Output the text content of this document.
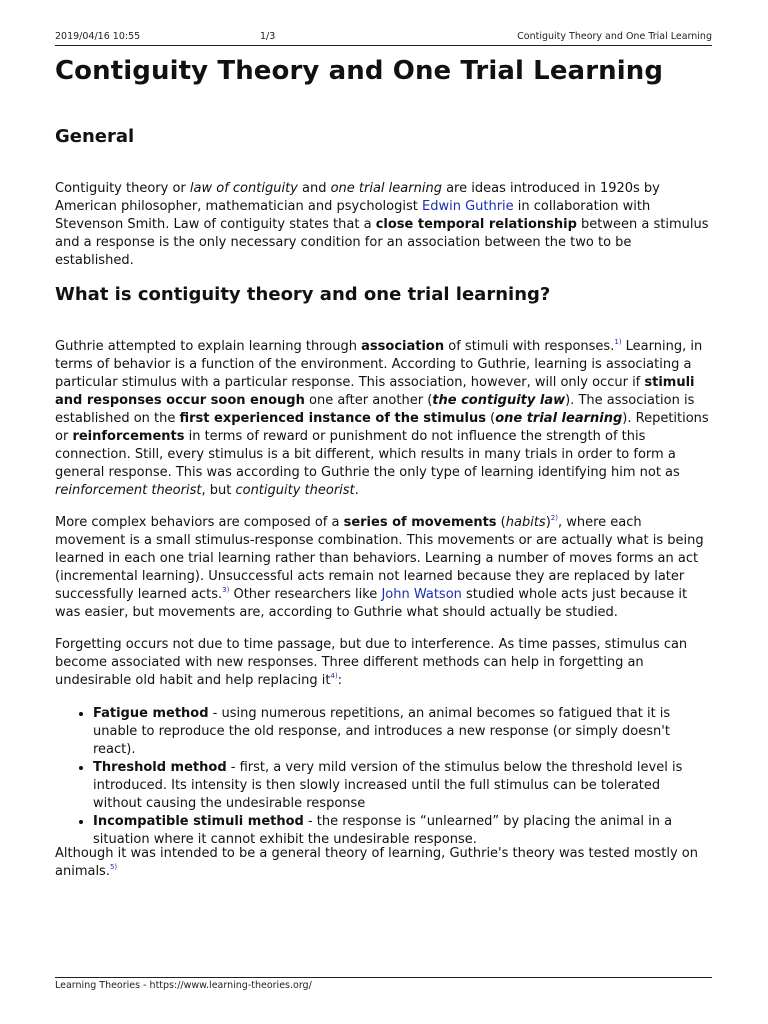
2019/04/16 10:55	1/3	Contiguity Theory and One Trial Learning
Contiguity Theory and One Trial Learning
General

Contiguity theory or law of contiguity and one trial learning are ideas introduced in 1920s by American philosopher, mathematician and psychologist Edwin Guthrie in collaboration with Stevenson Smith. Law of contiguity states that a close temporal relationship between a stimulus and a response is the only necessary condition for an association between the two to be established.

What is contiguity theory and one trial learning?

Guthrie attempted to explain learning through association of stimuli with responses.$^{1)}$ Learning, in terms of behavior is a function of the environment. According to Guthrie, learning is associating a particular stimulus with a particular response. This association, however, will only occur if stimuli and responses occur soon enough one after another (the contiguity law). The association is established on the first experienced instance of the stimulus (one trial learning). Repetitions or reinforcements in terms of reward or punishment do not influence the strength of this connection. Still, every stimulus is a bit different, which results in many trials in order to form a general response. This was according to Guthrie the only type of learning identifying him not as reinforcement theorist, but contiguity theorist.

More complex behaviors are composed of a series of movements (habits)$^{2)}$, where each movement is a small stimulus-response combination. This movements or are actually what is being learned in each one trial learning rather than behaviors. Learning a number of moves forms an act (incremental learning). Unsuccessful acts remain not learned because they are replaced by later successfully learned acts.$^{3)}$ Other researchers like John Watson studied whole acts just because it was easier, but movements are, according to Guthrie what should actually be studied.

Forgetting occurs not due to time passage, but due to interference. As time passes, stimulus can become associated with new responses. Three different methods can help in forgetting an undesirable old habit and help replacing it$^{4)}$:

• Fatigue method - using numerous repetitions, an animal becomes so fatigued that it is unable to reproduce the old response, and introduces a new response (or simply doesn't react).
• Threshold method - first, a very mild version of the stimulus below the threshold level is introduced. Its intensity is then slowly increased until the full stimulus can be tolerated without causing the undesirable response
• Incompatible stimuli method - the response is “unlearned” by placing the animal in a situation where it cannot exhibit the undesirable response.

Although it was intended to be a general theory of learning, Guthrie's theory was tested mostly on animals.$^{5)}$

Learning Theories - https://www.learning-theories.org/
